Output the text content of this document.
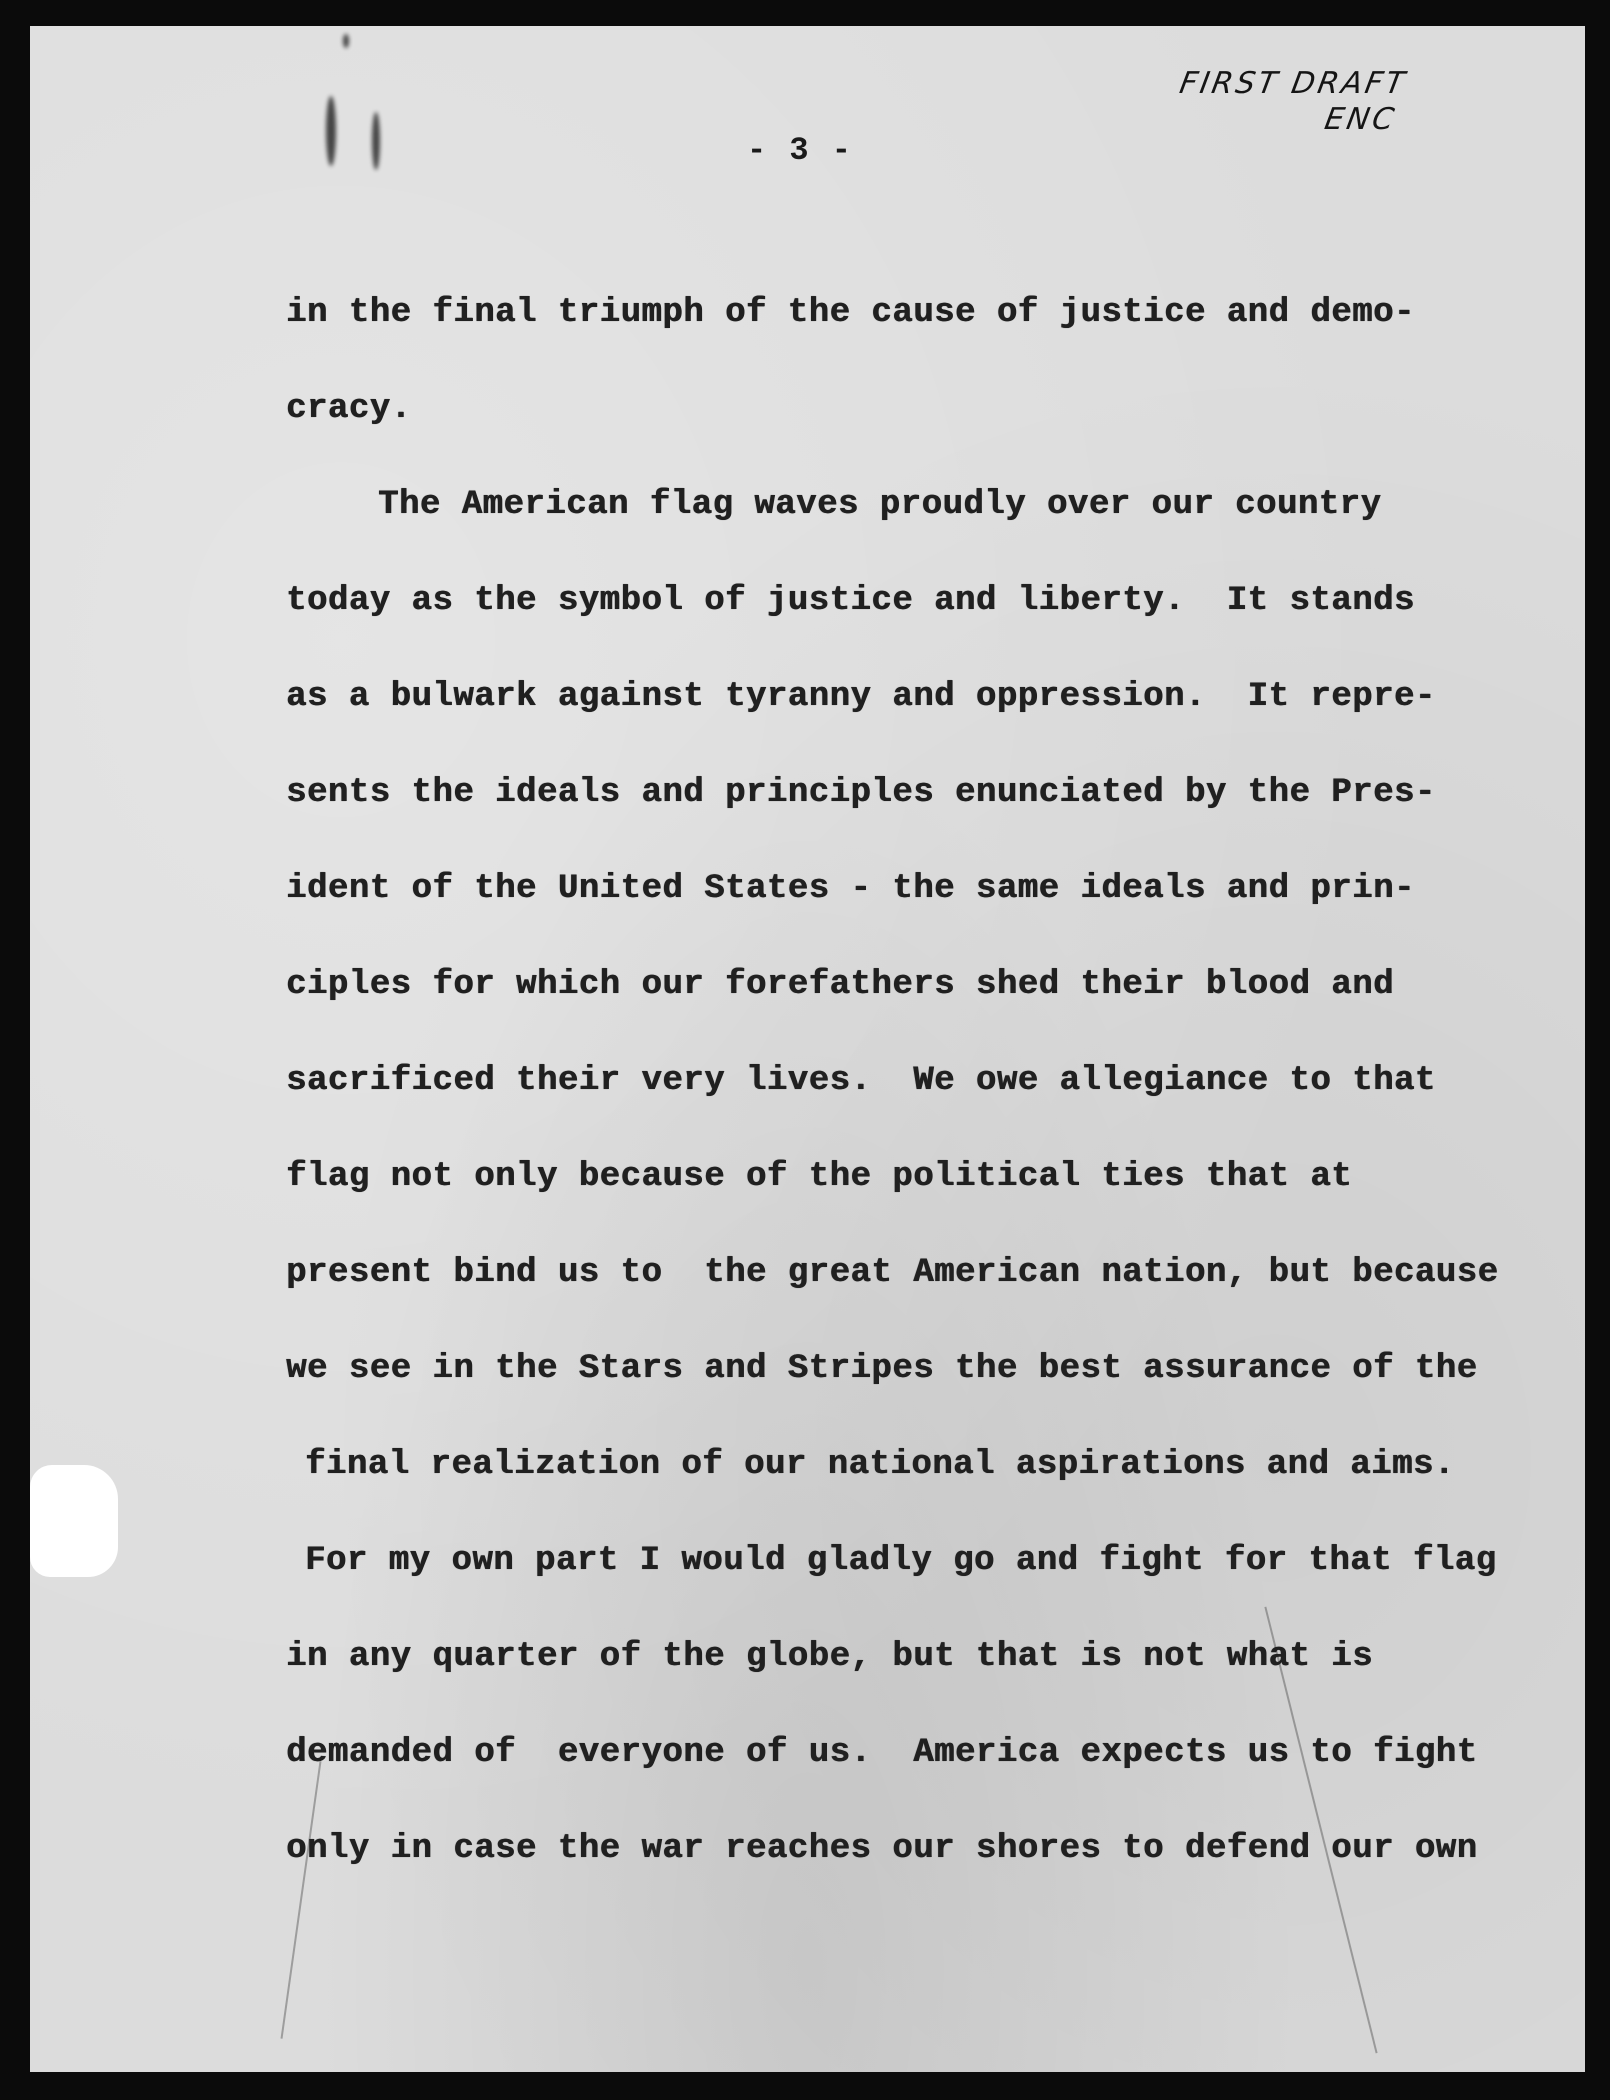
FIRST DRAFT
ENC
- 3 -
in the final triumph of the cause of justice and demo-
cracy.
The American flag waves proudly over our country
today as the symbol of justice and liberty.  It stands
as a bulwark against tyranny and oppression.  It repre-
sents the ideals and principles enunciated by the Pres-
ident of the United States - the same ideals and prin-
ciples for which our forefathers shed their blood and
sacrificed their very lives.  We owe allegiance to that
flag not only because of the political ties that at
present bind us to  the great American nation, but because
we see in the Stars and Stripes the best assurance of the
final realization of our national aspirations and aims.
For my own part I would gladly go and fight for that flag
in any quarter of the globe, but that is not what is
demanded of  everyone of us.  America expects us to fight
only in case the war reaches our shores to defend our own
